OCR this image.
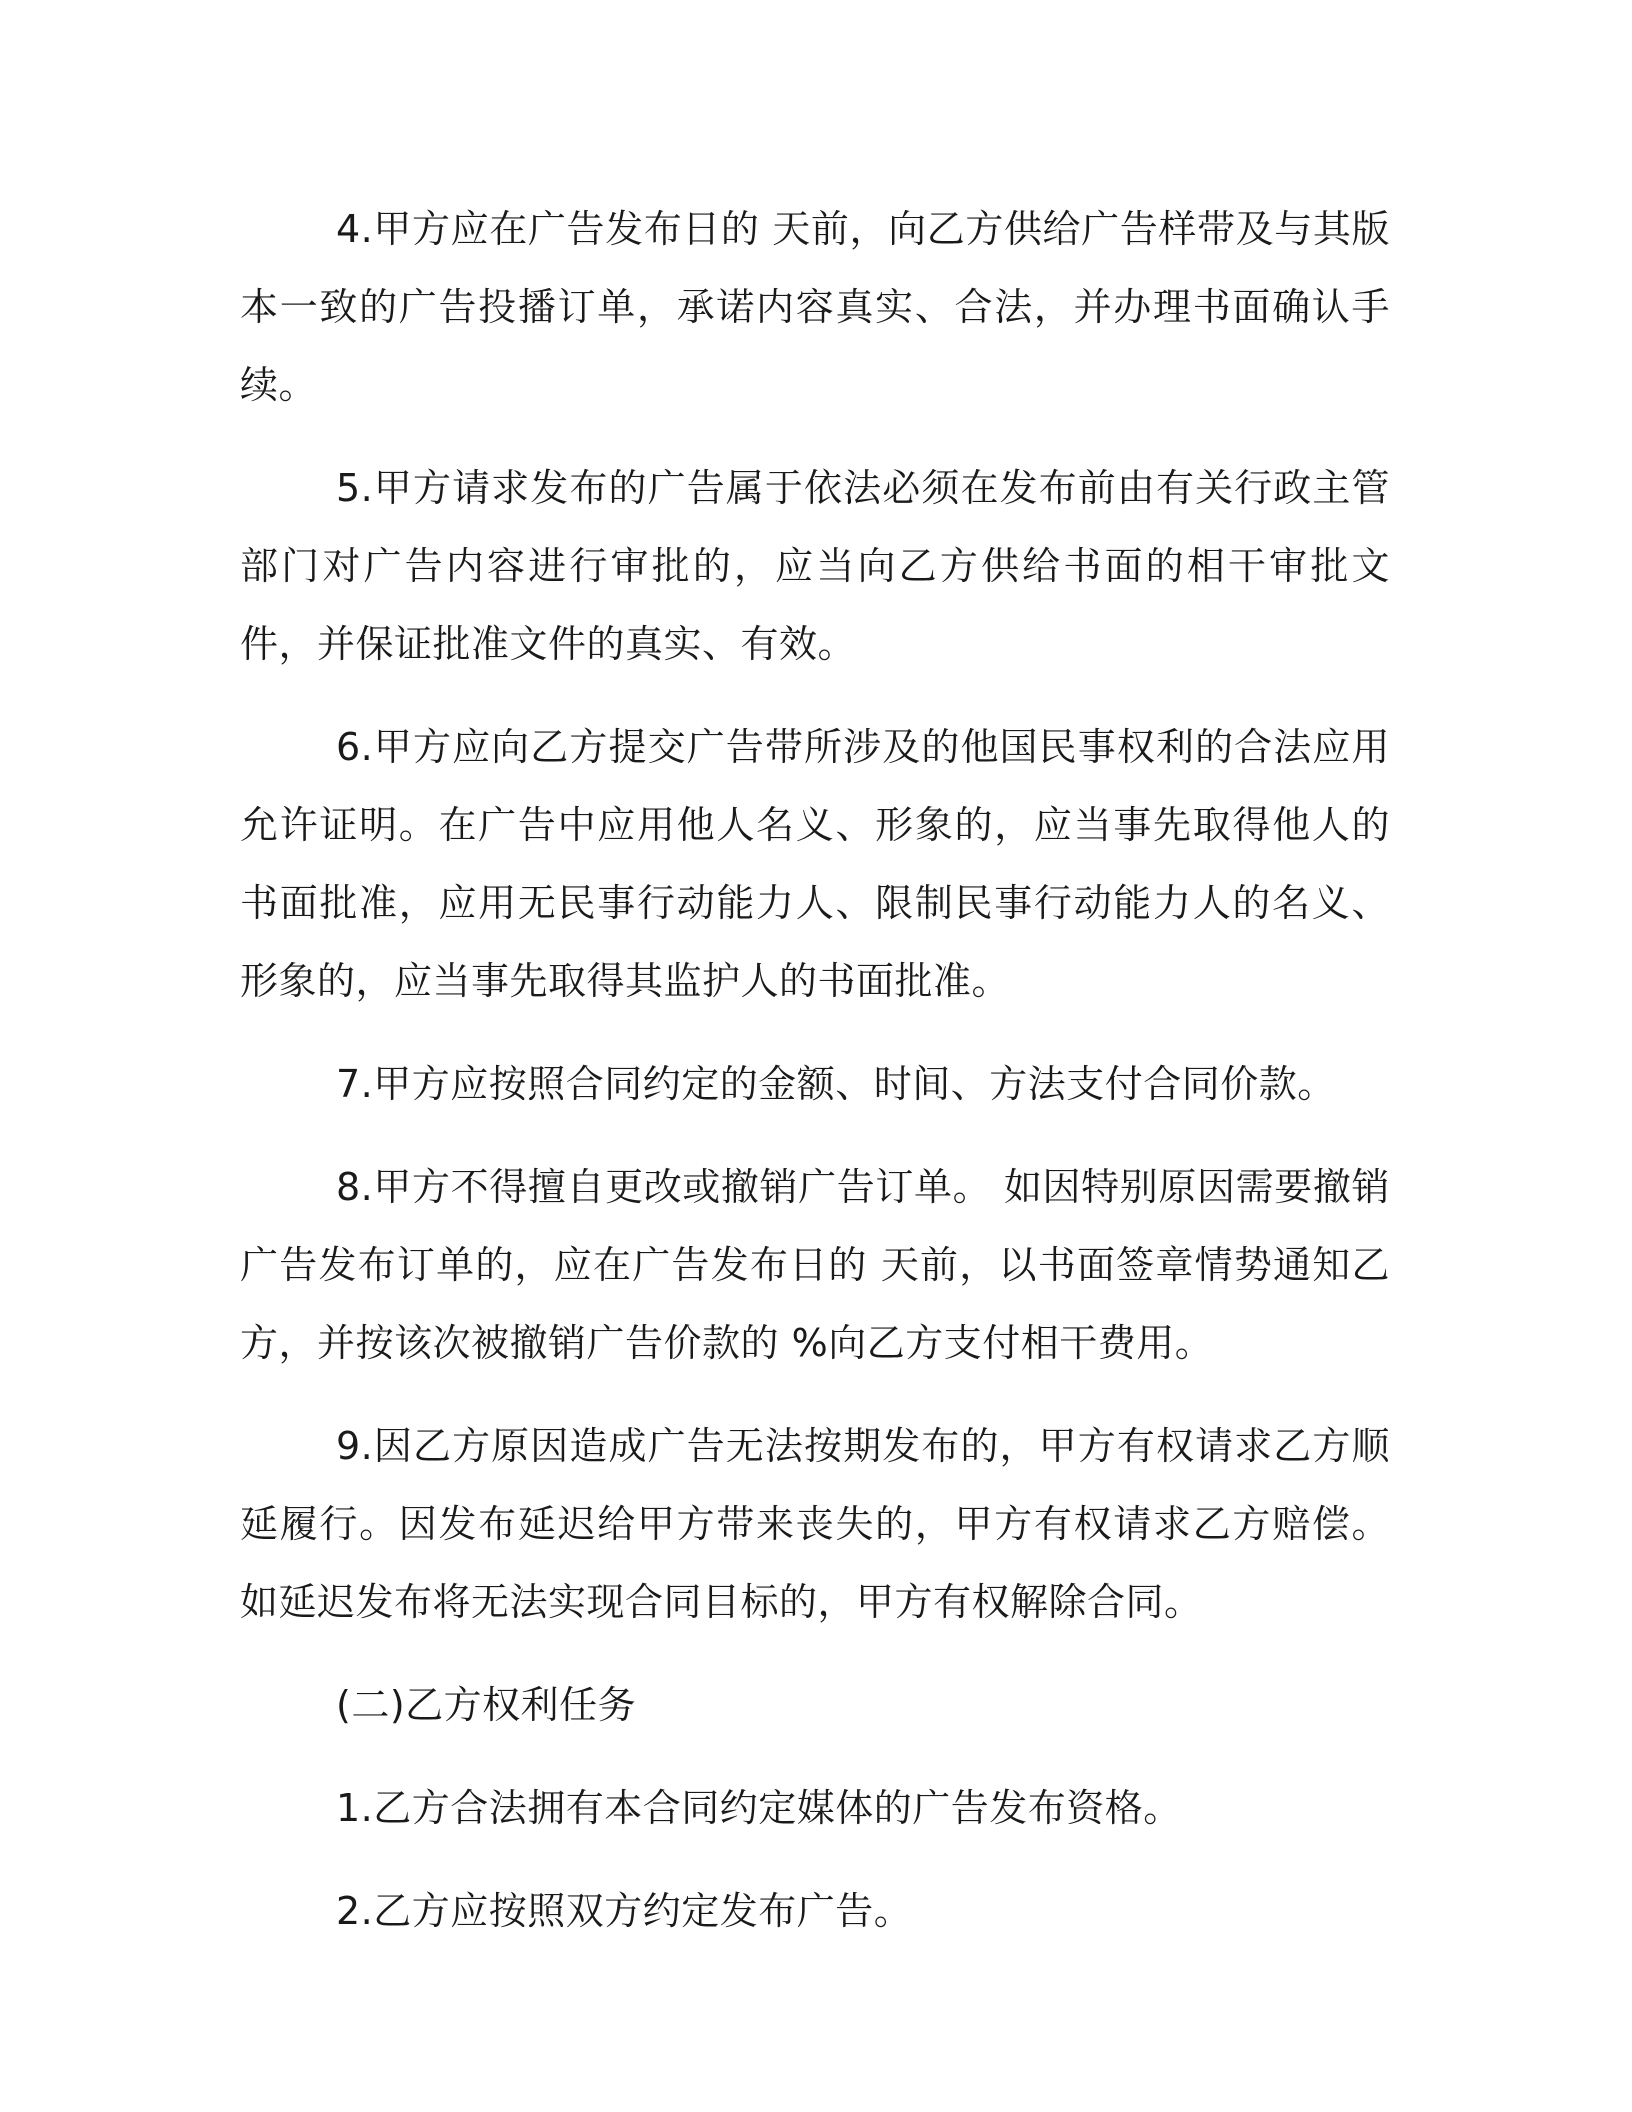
4.甲方应在广告发布日的 天前，向乙方供给广告样带及与其版本一致的广告投播订单，承诺内容真实、合法，并办理书面确认手续。

5.甲方请求发布的广告属于依法必须在发布前由有关行政主管部门对广告内容进行审批的，应当向乙方供给书面的相干审批文件，并保证批准文件的真实、有效。

6.甲方应向乙方提交广告带所涉及的他国民事权利的合法应用允许证明。在广告中应用他人名义、形象的，应当事先取得他人的书面批准，应用无民事行动能力人、限制民事行动能力人的名义、形象的，应当事先取得其监护人的书面批准。

7.甲方应按照合同约定的金额、时间、方法支付合同价款。

8.甲方不得擅自更改或撤销广告订单。 如因特别原因需要撤销广告发布订单的，应在广告发布日的 天前，以书面签章情势通知乙方，并按该次被撤销广告价款的 %向乙方支付相干费用。

9.因乙方原因造成广告无法按期发布的，甲方有权请求乙方顺延履行。因发布延迟给甲方带来丧失的，甲方有权请求乙方赔偿。如延迟发布将无法实现合同目标的，甲方有权解除合同。

(二)乙方权利任务

1.乙方合法拥有本合同约定媒体的广告发布资格。

2.乙方应按照双方约定发布广告。
